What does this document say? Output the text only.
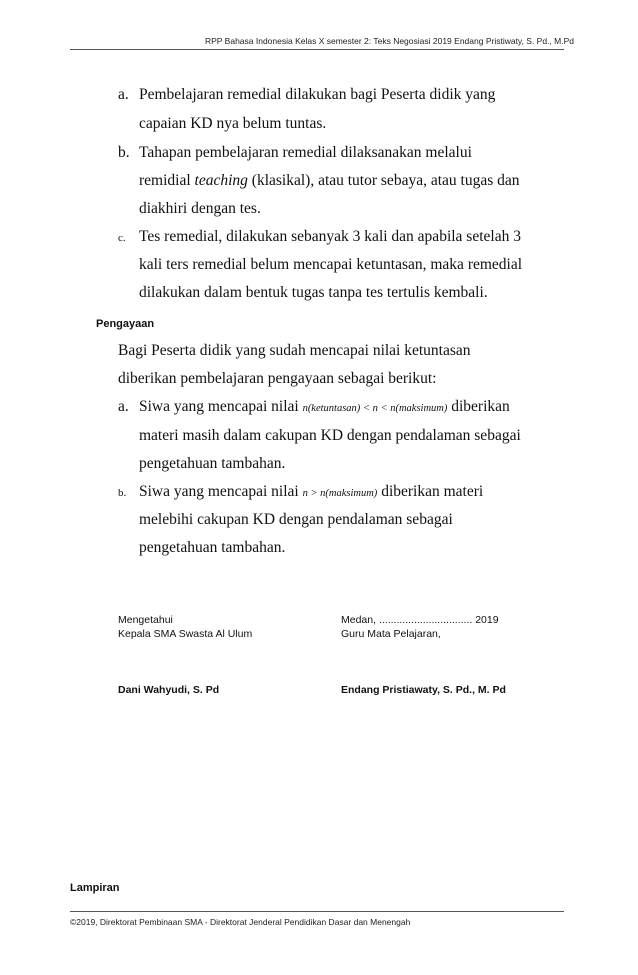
RPP Bahasa Indonesia Kelas X semester 2: Teks Negosiasi 2019 Endang Pristiwaty, S. Pd., M.Pd
a. Pembelajaran remedial dilakukan bagi Peserta didik yang
capaian KD nya belum tuntas.
b. Tahapan pembelajaran remedial dilaksanakan melalui
remidial teaching (klasikal), atau tutor sebaya, atau tugas dan
diakhiri dengan tes.
c. Tes remedial, dilakukan sebanyak 3 kali dan apabila setelah 3
kali ters remedial belum mencapai ketuntasan, maka remedial
dilakukan dalam bentuk tugas tanpa tes tertulis kembali.
Pengayaan
Bagi Peserta didik yang sudah mencapai nilai ketuntasan
diberikan pembelajaran pengayaan sebagai berikut:
a. Siwa yang mencapai nilai n(ketuntasan) < n < n(maksimum) diberikan
materi masih dalam cakupan KD dengan pendalaman sebagai
pengetahuan tambahan.
b. Siwa yang mencapai nilai n > n(maksimum) diberikan materi
melebihi cakupan KD dengan pendalaman sebagai
pengetahuan tambahan.
Mengetahui
Kepala SMA Swasta Al Ulum
Dani Wahyudi, S. Pd
Medan, ................................ 2019
Guru Mata Pelajaran,
Endang Pristiawaty, S. Pd., M. Pd
Lampiran
©2019, Direktorat Pembinaan SMA - Direktorat Jenderal Pendidikan Dasar dan Menengah
